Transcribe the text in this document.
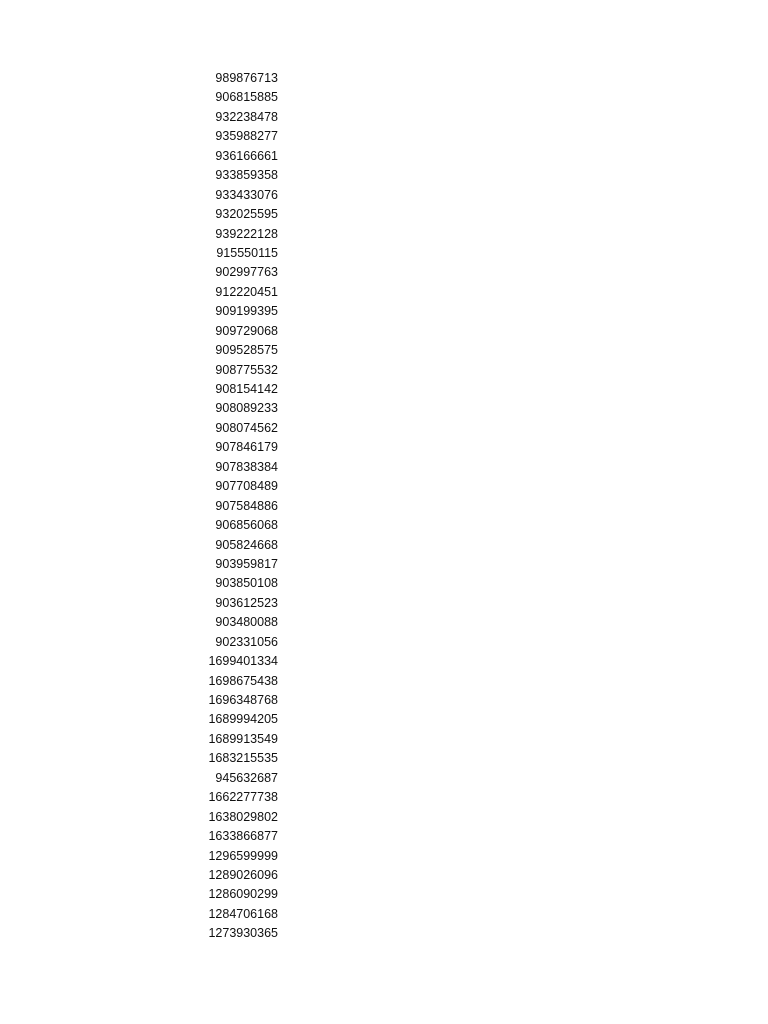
989876713
906815885
932238478
935988277
936166661
933859358
933433076
932025595
939222128
915550115
902997763
912220451
909199395
909729068
909528575
908775532
908154142
908089233
908074562
907846179
907838384
907708489
907584886
906856068
905824668
903959817
903850108
903612523
903480088
902331056
1699401334
1698675438
1696348768
1689994205
1689913549
1683215535
945632687
1662277738
1638029802
1633866877
1296599999
1289026096
1286090299
1284706168
1273930365
